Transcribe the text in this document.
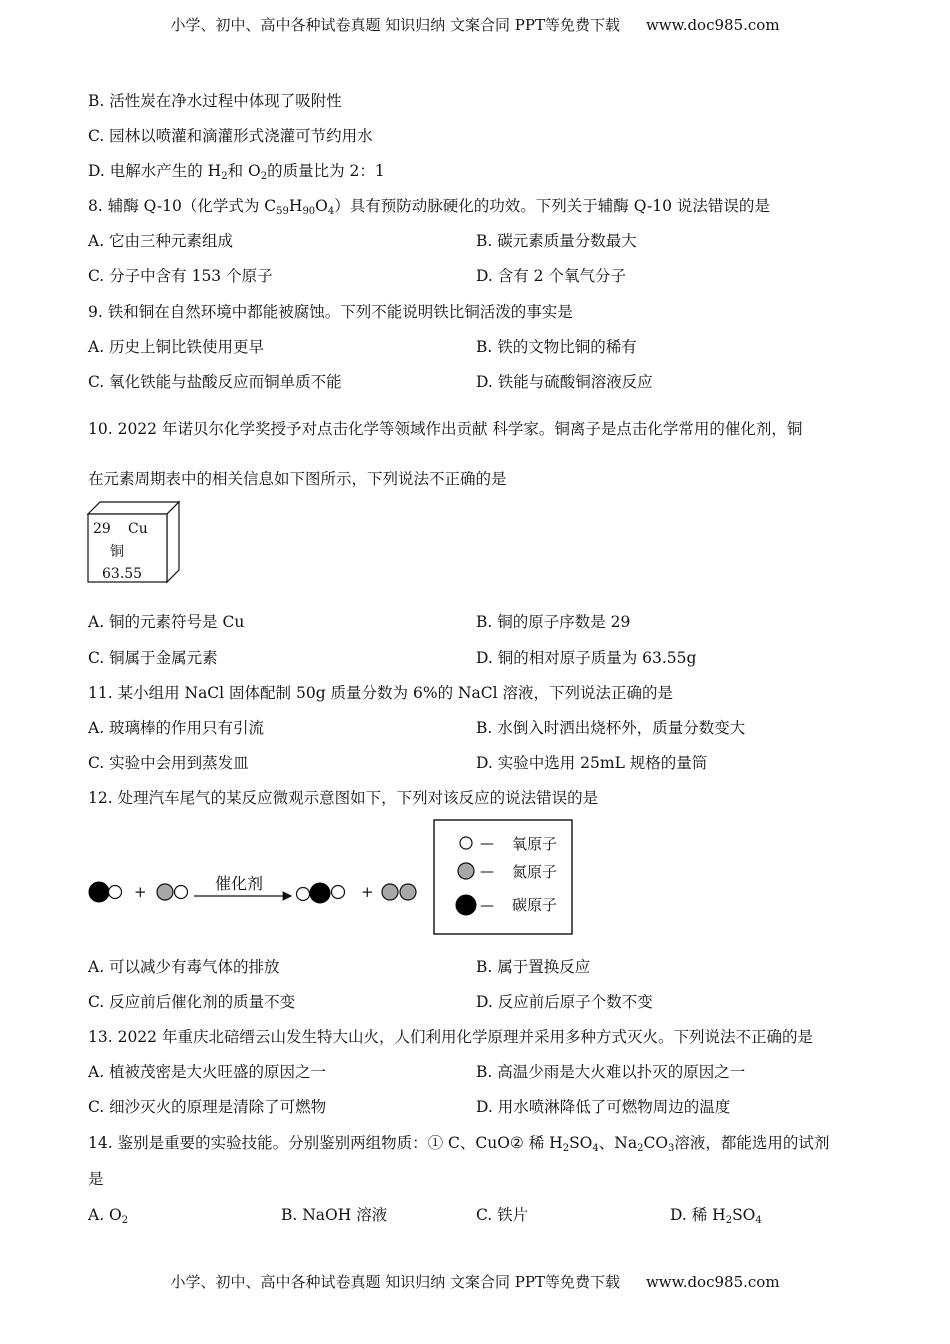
小学、初中、高中各种试卷真题 知识归纳 文案合同 PPT等免费下载 www.doc985.com
B. 活性炭在净水过程中体现了吸附性
C. 园林以喷灌和滴灌形式浇灌可节约用水
D. 电解水产生的 $H_2$和 $O_2$的质量比为 2：1
8. 辅酶 Q-10（化学式为 $C_{59}H_{90}O_4$）具有预防动脉硬化的功效。下列关于辅酶 Q-10 说法错误的是
A. 它由三种元素组成	B. 碳元素质量分数最大
C. 分子中含有 153 个原子	D. 含有 2 个氧气分子
9. 铁和铜在自然环境中都能被腐蚀。下列不能说明铁比铜活泼的事实是
A. 历史上铜比铁使用更早	B. 铁的文物比铜的稀有
C. 氧化铁能与盐酸反应而铜单质不能	D. 铁能与硫酸铜溶液反应
10. 2022 年诺贝尔化学奖授予对点击化学等领域作出贡献 科学家。铜离子是点击化学常用的催化剂，铜
在元素周期表中的相关信息如下图所示，下列说法不正确的是
29 Cu
铜
63.55
A. 铜的元素符号是 Cu	B. 铜的原子序数是 29
C. 铜属于金属元素	D. 铜的相对原子质量为 63.55g
11. 某小组用 NaCl 固体配制 50g 质量分数为 6%的 NaCl 溶液，下列说法正确的是
A. 玻璃棒的作用只有引流	B. 水倒入时洒出烧杯外，质量分数变大
C. 实验中会用到蒸发皿	D. 实验中选用 25mL 规格的量筒
12. 处理汽车尾气的某反应微观示意图如下，下列对该反应的说法错误的是
+	催化剂	+
— 氧原子
— 氮原子
— 碳原子
A. 可以减少有毒气体的排放	B. 属于置换反应
C. 反应前后催化剂的质量不变	D. 反应前后原子个数不变
13. 2022 年重庆北碚缙云山发生特大山火，人们利用化学原理并采用多种方式灭火。下列说法不正确的是
A. 植被茂密是大火旺盛的原因之一	B. 高温少雨是大火难以扑灭的原因之一
C. 细沙灭火的原理是清除了可燃物	D. 用水喷淋降低了可燃物周边的温度
14. 鉴别是重要的实验技能。分别鉴别两组物质：① C、CuO② 稀 $H_2SO_4$、$Na_2CO_3$溶液，都能选用的试剂
是
A. $O_2$	B. NaOH 溶液	C. 铁片	D. 稀 $H_2SO_4$
小学、初中、高中各种试卷真题 知识归纳 文案合同 PPT等免费下载 www.doc985.com
